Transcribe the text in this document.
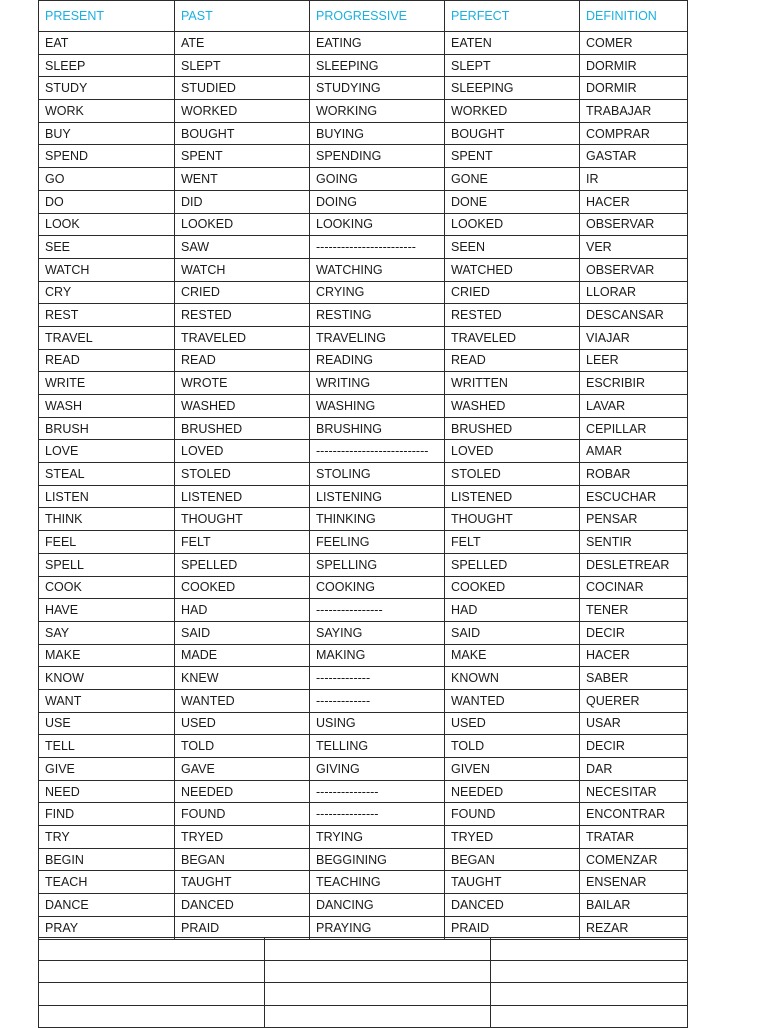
PRESENT	PAST	PROGRESSIVE	PERFECT	DEFINITION
EAT	ATE	EATING	EATEN	COMER
SLEEP	SLEPT	SLEEPING	SLEPT	DORMIR
STUDY	STUDIED	STUDYING	SLEEPING	DORMIR
WORK	WORKED	WORKING	WORKED	TRABAJAR
BUY	BOUGHT	BUYING	BOUGHT	COMPRAR
SPEND	SPENT	SPENDING	SPENT	GASTAR
GO	WENT	GOING	GONE	IR
DO	DID	DOING	DONE	HACER
LOOK	LOOKED	LOOKING	LOOKED	OBSERVAR
SEE	SAW	------------------------	SEEN	VER
WATCH	WATCH	WATCHING	WATCHED	OBSERVAR
CRY	CRIED	CRYING	CRIED	LLORAR
REST	RESTED	RESTING	RESTED	DESCANSAR
TRAVEL	TRAVELED	TRAVELING	TRAVELED	VIAJAR
READ	READ	READING	READ	LEER
WRITE	WROTE	WRITING	WRITTEN	ESCRIBIR
WASH	WASHED	WASHING	WASHED	LAVAR
BRUSH	BRUSHED	BRUSHING	BRUSHED	CEPILLAR
LOVE	LOVED	---------------------------	LOVED	AMAR
STEAL	STOLED	STOLING	STOLED	ROBAR
LISTEN	LISTENED	LISTENING	LISTENED	ESCUCHAR
THINK	THOUGHT	THINKING	THOUGHT	PENSAR
FEEL	FELT	FEELING	FELT	SENTIR
SPELL	SPELLED	SPELLING	SPELLED	DESLETREAR
COOK	COOKED	COOKING	COOKED	COCINAR
HAVE	HAD	----------------	HAD	TENER
SAY	SAID	SAYING	SAID	DECIR
MAKE	MADE	MAKING	MAKE	HACER
KNOW	KNEW	-------------	KNOWN	SABER
WANT	WANTED	-------------	WANTED	QUERER
USE	USED	USING	USED	USAR
TELL	TOLD	TELLING	TOLD	DECIR
GIVE	GAVE	GIVING	GIVEN	DAR
NEED	NEEDED	---------------	NEEDED	NECESITAR
FIND	FOUND	---------------	FOUND	ENCONTRAR
TRY	TRYED	TRYING	TRYED	TRATAR
BEGIN	BEGAN	BEGGINING	BEGAN	COMENZAR
TEACH	TAUGHT	TEACHING	TAUGHT	ENSENAR
DANCE	DANCED	DANCING	DANCED	BAILAR
PRAY	PRAID	PRAYING	PRAID	REZAR
